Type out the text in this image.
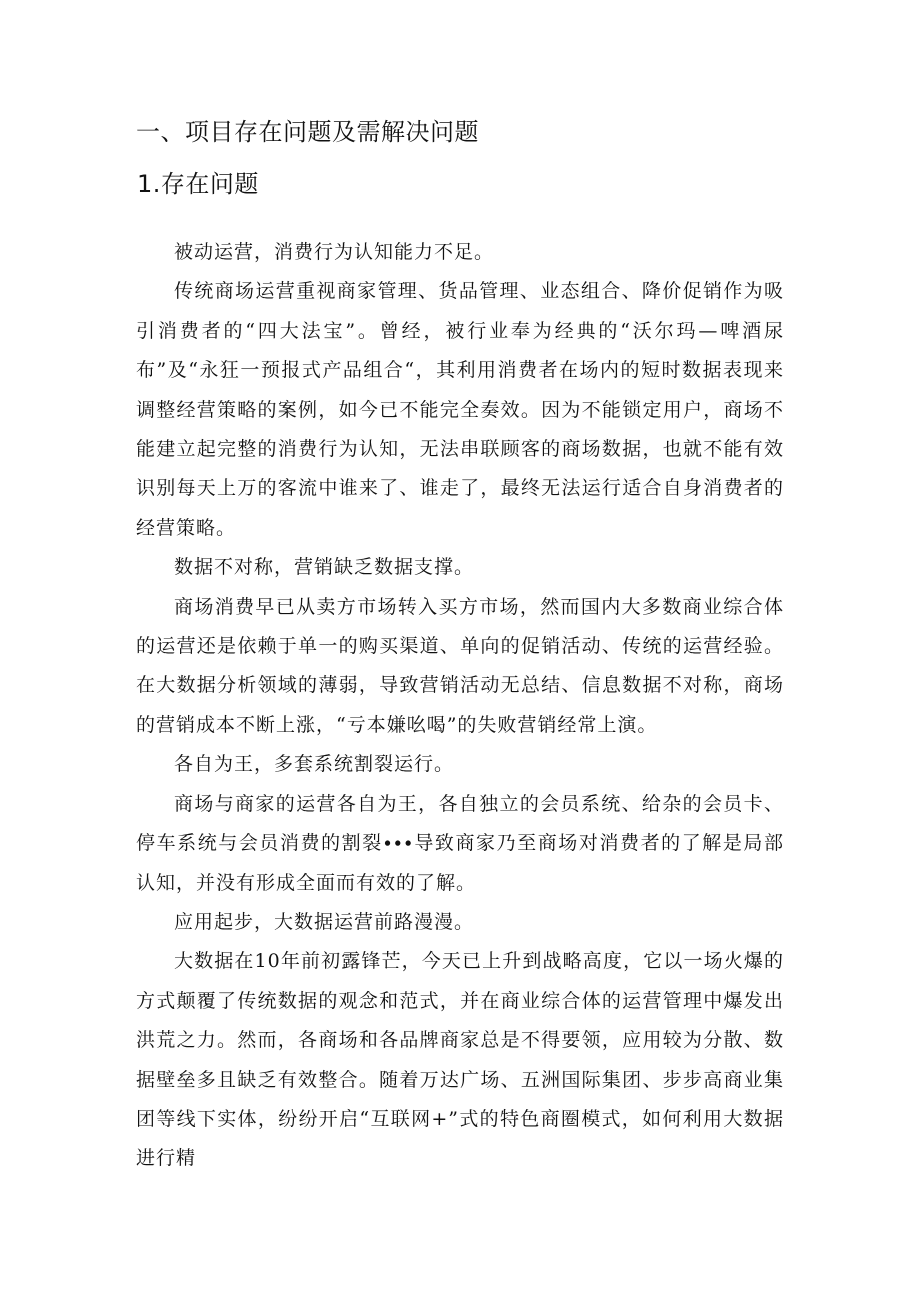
一、项目存在问题及需解决问题
1.存在问题

被动运营，消费行为认知能力不足。

传统商场运营重视商家管理、货品管理、业态组合、降价促销作为吸引消费者的“四大法宝”。曾经，被行业奉为经典的“沃尔玛—啤酒尿布”及“永狂一预报式产品组合“，其利用消费者在场内的短时数据表现来调整经营策略的案例，如今已不能完全奏效。因为不能锁定用户，商场不能建立起完整的消费行为认知，无法串联顾客的商场数据，也就不能有效识别每天上万的客流中谁来了、谁走了，最终无法运行适合自身消费者的经营策略。

数据不对称，营销缺乏数据支撑。

商场消费早已从卖方市场转入买方市场，然而国内大多数商业综合体的运营还是依赖于单一的购买渠道、单向的促销活动、传统的运营经验。在大数据分析领域的薄弱，导致营销活动无总结、信息数据不对称，商场的营销成本不断上涨，“亏本嫌吆喝”的失败营销经常上演。

各自为王，多套系统割裂运行。

商场与商家的运营各自为王，各自独立的会员系统、给杂的会员卡、停车系统与会员消费的割裂∙∙∙导致商家乃至商场对消费者的了解是局部认知，并没有形成全面而有效的了解。

应用起步，大数据运营前路漫漫。

大数据在10年前初露锋芒，今天已上升到战略高度，它以一场火爆的方式颠覆了传统数据的观念和范式，并在商业综合体的运营管理中爆发出洪荒之力。然而，各商场和各品牌商家总是不得要领，应用较为分散、数据壁垒多且缺乏有效整合。随着万达广场、五洲国际集团、步步高商业集团等线下实体，纷纷开启“互联网+”式的特色商圈模式，如何利用大数据进行精
